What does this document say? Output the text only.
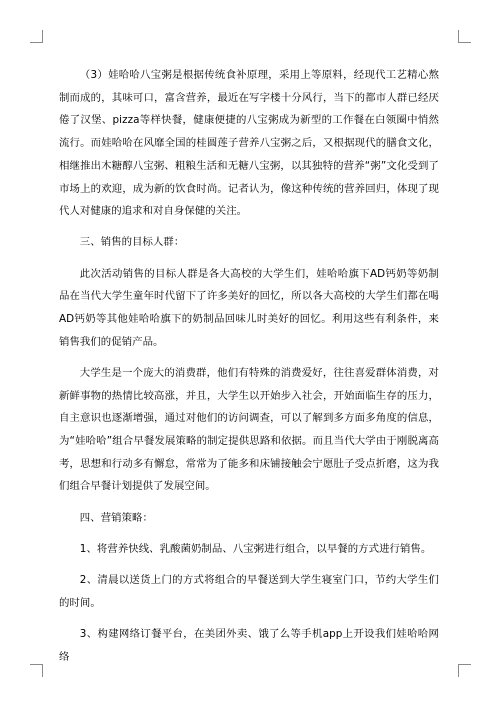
（3）娃哈哈八宝粥是根据传统食补原理，采用上等原料，经现代工艺精心熬制而成的，其味可口，富含营养，最近在写字楼十分风行，当下的都市人群已经厌倦了汉堡、pizza等样快餐，健康便捷的八宝粥成为新型的工作餐在白领圈中悄然流行。而娃哈哈在风靡全国的桂圆莲子营养八宝粥之后，又根据现代的膳食文化，相继推出木糖醇八宝粥、粗粮生活和无糖八宝粥，以其独特的营养“粥”文化受到了市场上的欢迎，成为新的饮食时尚。记者认为，像这种传统的营养回归，体现了现代人对健康的追求和对自身保健的关注。

三、销售的目标人群：

此次活动销售的目标人群是各大高校的大学生们，娃哈哈旗下AD钙奶等奶制品在当代大学生童年时代留下了许多美好的回忆，所以各大高校的大学生们都在喝AD钙奶等其他娃哈哈旗下的奶制品回味儿时美好的回忆。利用这些有利条件，来销售我们的促销产品。

大学生是一个庞大的消费群，他们有特殊的消费爱好，往往喜爱群体消费，对新鲜事物的热情比较高涨，并且，大学生以开始步入社会，开始面临生存的压力，自主意识也逐渐增强，通过对他们的访问调查，可以了解到多方面多角度的信息，为“娃哈哈”组合早餐发展策略的制定提供思路和依据。而且当代大学由于刚脱离高考，思想和行动多有懈怠，常常为了能多和床铺接触会宁愿肚子受点折磨，这为我们组合早餐计划提供了发展空间。

四、营销策略：

1、将营养快线、乳酸菌奶制品、八宝粥进行组合，以早餐的方式进行销售。

2、清晨以送货上门的方式将组合的早餐送到大学生寝室门口，节约大学生们的时间。

3、构建网络订餐平台，在美团外卖、饿了么等手机app上开设我们娃哈哈网络
